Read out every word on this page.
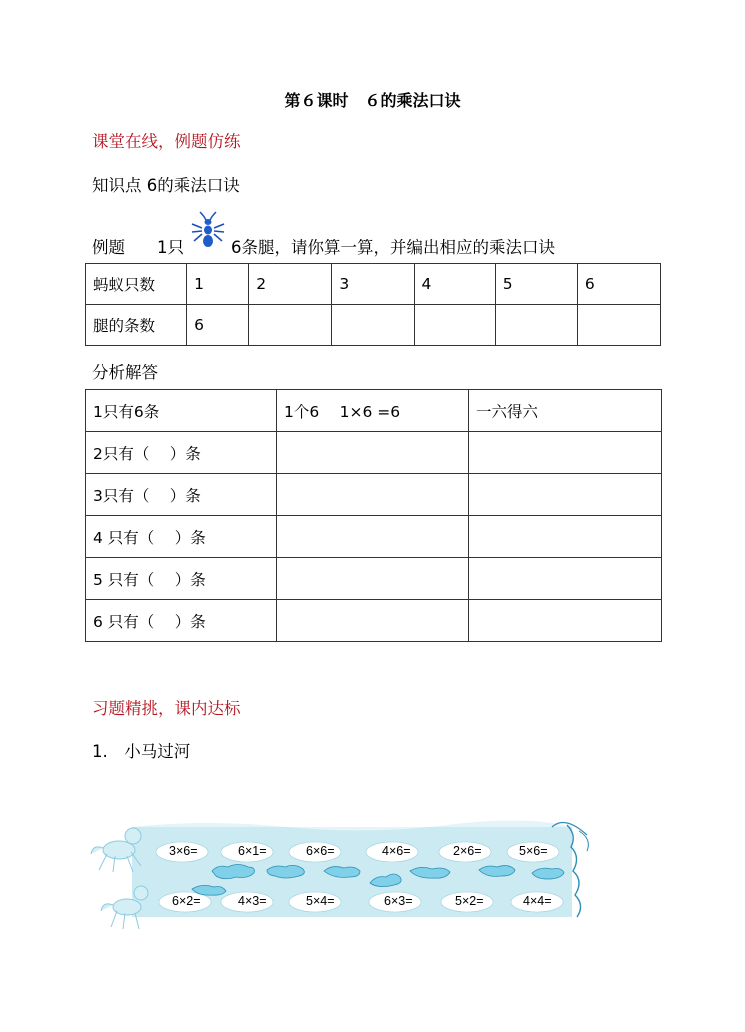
第６课时　６的乘法口诀
课堂在线，例题仿练
知识点 6的乘法口诀
例题 1只	6条腿，请你算一算，并编出相应的乘法口诀
蚂蚁只数	1	2	3	4	5	6
腿的条数	6					
分析解答
1只有6条	1个6　 1×6 =6	一六得六
2只有（　 ）条		
3只有（　 ）条		
4 只有（　 ）条		
5 只有（　 ）条		
6 只有（　 ）条		
习题精挑，课内达标
1.　小马过河
3×6=	6×1=	6×6=	4×6=	2×6=	5×6=
6×2=	4×3=	5×4=	6×3=	5×2=	4×4=
